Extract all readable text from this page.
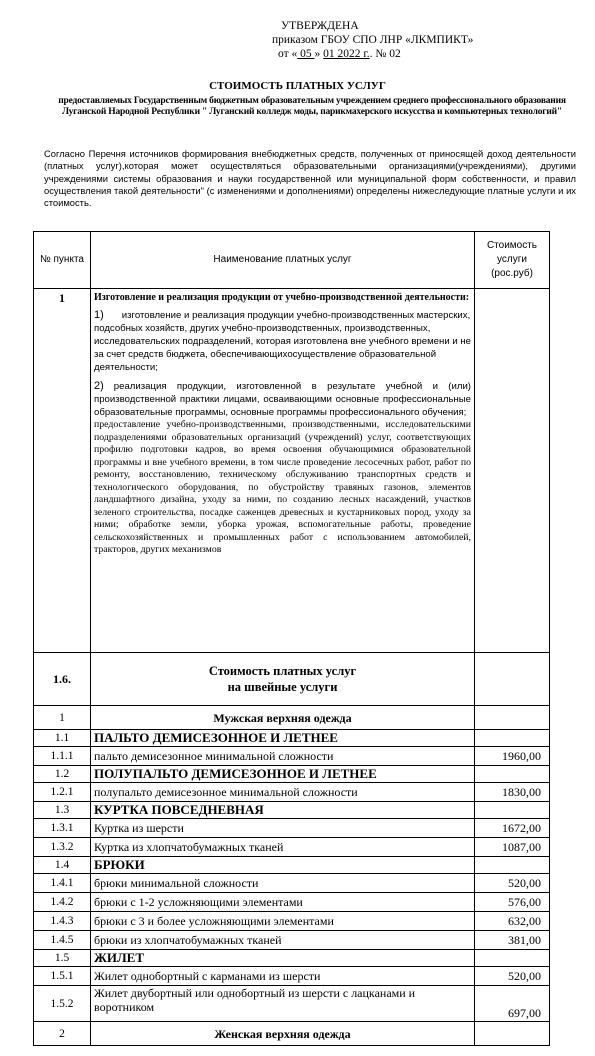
УТВЕРЖДЕНА
приказом ГБОУ СПО ЛНР «ЛКМПИКТ»
от « 05 » 01 2022 г.. № 02
СТОИМОСТЬ ПЛАТНЫХ УСЛУГ
предоставляемых Государственным бюджетным образовательным учреждением среднего профессионального образования Луганской Народной Республики " Луганский колледж моды, парикмахерского искусства и компьютерных технологий"
Согласно Перечня источников формирования внебюджетных средств, полученных от приносящей доход деятельности (платных услуг),которая может осуществляться образовательными организациями(учреждениями), другими учреждениями системы образования и науки государственной или муниципальной форм собственности, и правил осуществления такой деятельности" (с изменениями и дополнениями) определены нижеследующие платные услуги и их стоимость.
№ пункта	Наименование платных услуг	Стоимость услуги (рос.руб)
1	Изготовление и реализация продукции от учебно-производственной деятельности:
1) изготовление и реализация продукции учебно-производственных мастерских, подсобных хозяйств, других учебно-производственных, производственных, исследовательских подразделений, которая изготовлена вне учебного времени и не за счет средств бюджета, обеспечивающихосуществление образовательной деятельности;
2) реализация продукции, изготовленной в результате учебной и (или) производственной практики лицами, осваивающими основные профессиональные образовательные программы, основные программы профессионального обучения;

предоставление учебно-производственными, производственными, исследовательскими подразделениями образовательных организаций (учреждений) услуг, соответствующих профилю подготовки кадров, во время освоения обучающимися образовательной программы и вне учебного времени, в том числе проведение лесосечных работ, работ по ремонту, восстановлению, техническому обслуживанию транспортных средств и технологического оборудования, по обустройству травяных газонов, элементов ландшафтного дизайна, уходу за ними, по созданию лесных насаждений, участков зеленого строительства, посадке саженцев древесных и кустарниковых пород, уходу за ними; обработке земли, уборка урожая, вспомогательные работы, проведение сельскохозяйственных и промышленных работ с использованием автомобилей, тракторов, других механизмов	

1.6.	Стоимость платных услуг
на швейные услуги	

1	Мужская верхняя одежда	
1.1	ПАЛЬТО ДЕМИСЕЗОННОЕ И ЛЕТНЕЕ	
1.1.1	пальто демисезонное минимальной сложности	1960,00
1.2	ПОЛУПАЛЬТО ДЕМИСЕЗОННОЕ И ЛЕТНЕЕ	
1.2.1	полупальто демисезонное минимальной сложности	1830,00
1.3	КУРТКА ПОВСЕДНЕВНАЯ	
1.3.1	Куртка из шерсти	1672,00
1.3.2	Куртка из хлопчатобумажных тканей	1087,00
1.4	БРЮКИ	
1.4.1	брюки минимальной сложности	520,00
1.4.2	брюки с 1-2 усложняющими элементами	576,00
1.4.3	брюки с 3 и более усложняющими элементами	632,00
1.4.5	брюки из хлопчатобумажных тканей	381,00
1.5	ЖИЛЕТ	
1.5.1	Жилет однобортный с карманами из шерсти	520,00
1.5.2	Жилет двубортный или однобортный из шерсти с лацканами и воротником	697,00
2	Женская верхняя одежда	
